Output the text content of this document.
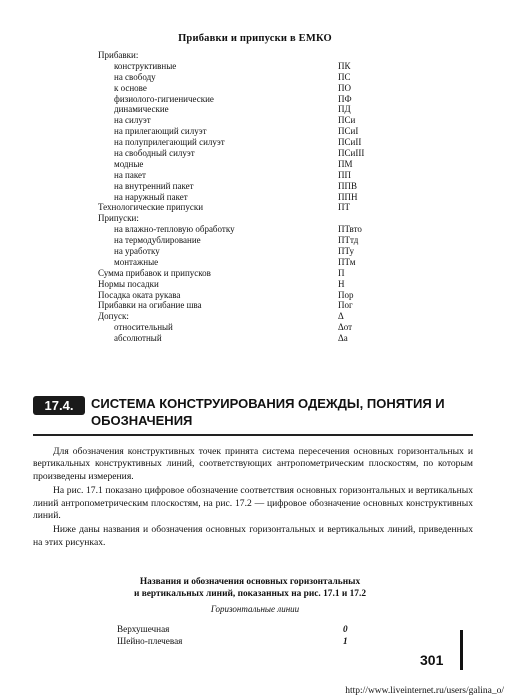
Прибавки и припуски в ЕМКО
Прибавки:
конструктивные	ПК
на свободу	ПС
к основе	ПО
физиолого-гигиенические	ПФ
динамические	ПД
на силуэт	ПСи
на прилегающий силуэт	ПСиI
на полуприлегающий силуэт	ПСиII
на свободный силуэт	ПСиIII
модные	ПМ
на пакет	ПП
на внутренний пакет	ППВ
на наружный пакет	ППН
Технологические припуски	ПТ
Припуски:
на влажно-тепловую обработку	ПТвто
на термодублирование	ПТтд
на уработку	ПТу
монтажные	ПТм
Сумма прибавок и припусков	П
Нормы посадки	Н
Посадка оката рукава	Пор
Прибавки на огибание шва	Пог
Допуск:	Δ
относительный	Δот
абсолютный	Δа
17.4.	СИСТЕМА КОНСТРУИРОВАНИЯ ОДЕЖДЫ, ПОНЯТИЯ И ОБОЗНАЧЕНИЯ

Для обозначения конструктивных точек принята система пересечения основных горизонтальных и вертикальных конструктивных линий, соответствующих антропометрическим плоскостям, по которым произведены измерения.

На рис. 17.1 показано цифровое обозначение соответствия основных горизонтальных и вертикальных линий антропометрическим плоскостям, на рис. 17.2 — цифровое обозначение основных конструктивных линий.

Ниже даны названия и обозначения основных горизонтальных и вертикальных линий, приведенных на этих рисунках.

Названия и обозначения основных горизонтальных
и вертикальных линий, показанных на рис. 17.1 и 17.2
Горизонтальные линии
Верхушечная	0
Шейно-плечевая	1
301
http://www.liveinternet.ru/users/galina_o/
